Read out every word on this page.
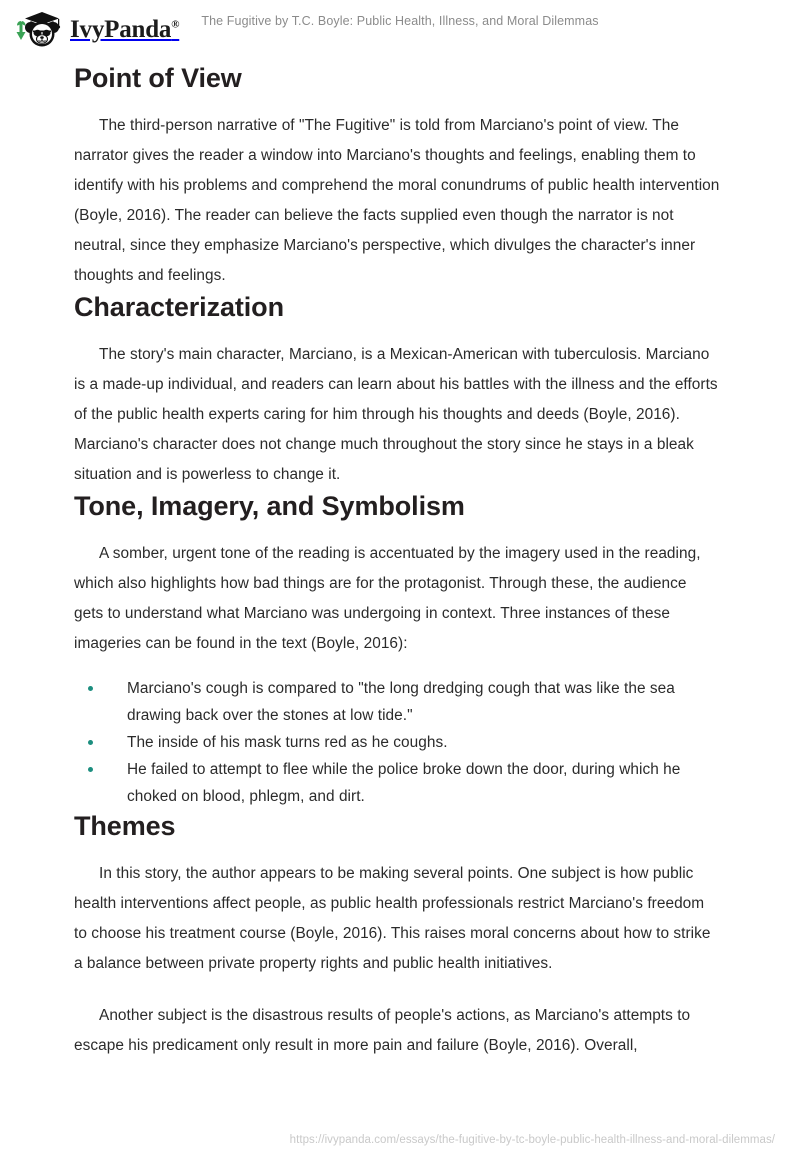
IvyPanda®	The Fugitive by T.C. Boyle: Public Health, Illness, and Moral Dilemmas
Point of View

The third-person narrative of "The Fugitive" is told from Marciano's point of view. The narrator gives the reader a window into Marciano's thoughts and feelings, enabling them to identify with his problems and comprehend the moral conundrums of public health intervention (Boyle, 2016). The reader can believe the facts supplied even though the narrator is not neutral, since they emphasize Marciano's perspective, which divulges the character's inner thoughts and feelings.

Characterization

The story's main character, Marciano, is a Mexican-American with tuberculosis. Marciano is a made-up individual, and readers can learn about his battles with the illness and the efforts of the public health experts caring for him through his thoughts and deeds (Boyle, 2016). Marciano's character does not change much throughout the story since he stays in a bleak situation and is powerless to change it.

Tone, Imagery, and Symbolism

A somber, urgent tone of the reading is accentuated by the imagery used in the reading, which also highlights how bad things are for the protagonist. Through these, the audience gets to understand what Marciano was undergoing in context. Three instances of these imageries can be found in the text (Boyle, 2016):

Marciano's cough is compared to "the long dredging cough that was like the sea drawing back over the stones at low tide."
The inside of his mask turns red as he coughs.
He failed to attempt to flee while the police broke down the door, during which he choked on blood, phlegm, and dirt.
Themes

In this story, the author appears to be making several points. One subject is how public health interventions affect people, as public health professionals restrict Marciano's freedom to choose his treatment course (Boyle, 2016). This raises moral concerns about how to strike a balance between private property rights and public health initiatives.

Another subject is the disastrous results of people's actions, as Marciano's attempts to escape his predicament only result in more pain and failure (Boyle, 2016). Overall,

https://ivypanda.com/essays/the-fugitive-by-tc-boyle-public-health-illness-and-moral-dilemmas/
